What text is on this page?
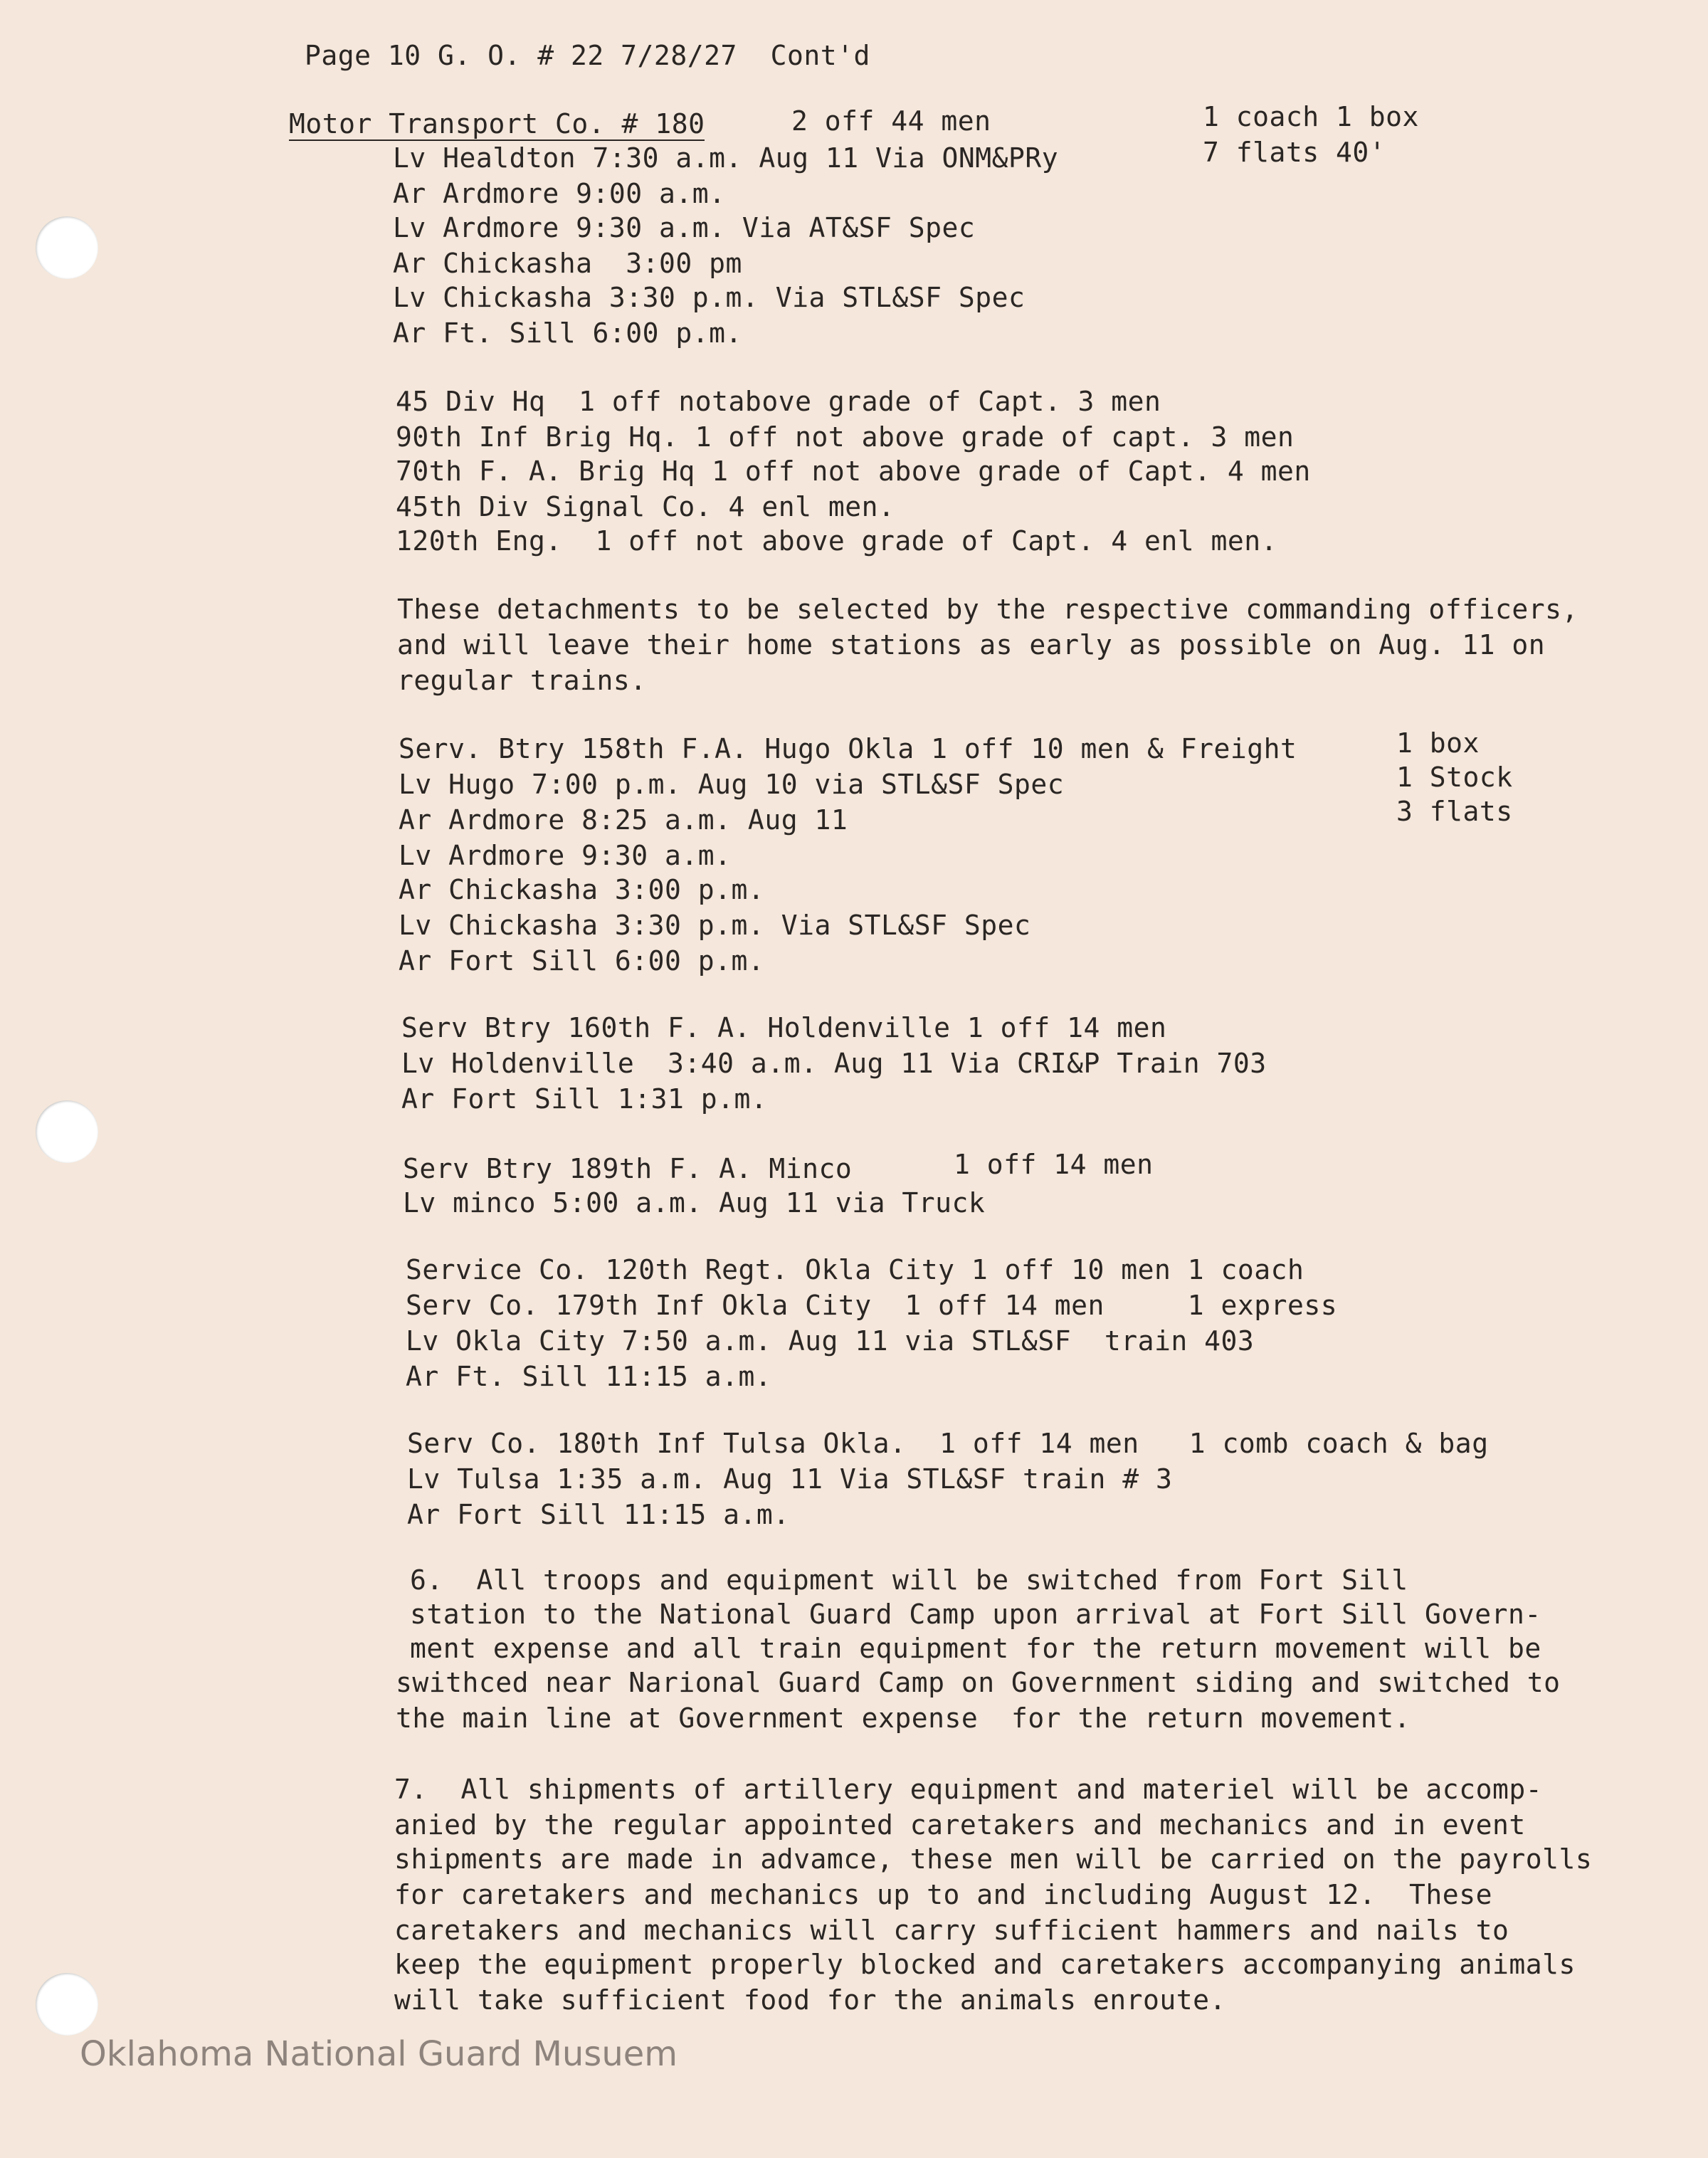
Page 10 G. O. # 22 7/28/27  Cont'd
Motor Transport Co. # 180	2 off 44 men	1 coach 1 box
7 flats 40'
Lv Healdton 7:30 a.m. Aug 11 Via ONM&PRy
Ar Ardmore 9:00 a.m.
Lv Ardmore 9:30 a.m. Via AT&SF Spec
Ar Chickasha  3:00 pm
Lv Chickasha 3:30 p.m. Via STL&SF Spec
Ar Ft. Sill 6:00 p.m.
45 Div Hq  1 off notabove grade of Capt. 3 men
90th Inf Brig Hq. 1 off not above grade of capt. 3 men
70th F. A. Brig Hq 1 off not above grade of Capt. 4 men
45th Div Signal Co. 4 enl men.
120th Eng.  1 off not above grade of Capt. 4 enl men.
These detachments to be selected by the respective commanding officers,
and will leave their home stations as early as possible on Aug. 11 on
regular trains.
Serv. Btry 158th F.A. Hugo Okla 1 off 10 men & Freight
Lv Hugo 7:00 p.m. Aug 10 via STL&SF Spec
Ar Ardmore 8:25 a.m. Aug 11
Lv Ardmore 9:30 a.m.
Ar Chickasha 3:00 p.m.
Lv Chickasha 3:30 p.m. Via STL&SF Spec
Ar Fort Sill 6:00 p.m.
1 box
1 Stock
3 flats
Serv Btry 160th F. A. Holdenville 1 off 14 men
Lv Holdenville  3:40 a.m. Aug 11 Via CRI&P Train 703
Ar Fort Sill 1:31 p.m.
Serv Btry 189th F. A. Minco	1 off 14 men
Lv minco 5:00 a.m. Aug 11 via Truck
Service Co. 120th Regt. Okla City 1 off 10 men 1 coach
Serv Co. 179th Inf Okla City  1 off 14 men     1 express
Lv Okla City 7:50 a.m. Aug 11 via STL&SF  train 403
Ar Ft. Sill 11:15 a.m.
Serv Co. 180th Inf Tulsa Okla.  1 off 14 men   1 comb coach & bag
Lv Tulsa 1:35 a.m. Aug 11 Via STL&SF train # 3
Ar Fort Sill 11:15 a.m.
6.  All troops and equipment will be switched from Fort Sill
station to the National Guard Camp upon arrival at Fort Sill Govern-
ment expense and all train equipment for the return movement will be
swithced near Narional Guard Camp on Government siding and switched to
the main line at Government expense  for the return movement.
7.  All shipments of artillery equipment and materiel will be accomp-
anied by the regular appointed caretakers and mechanics and in event
shipments are made in advamce, these men will be carried on the payrolls
for caretakers and mechanics up to and including August 12.  These
caretakers and mechanics will carry sufficient hammers and nails to
keep the equipment properly blocked and caretakers accompanying animals
will take sufficient food for the animals enroute.
Oklahoma National Guard Musuem
